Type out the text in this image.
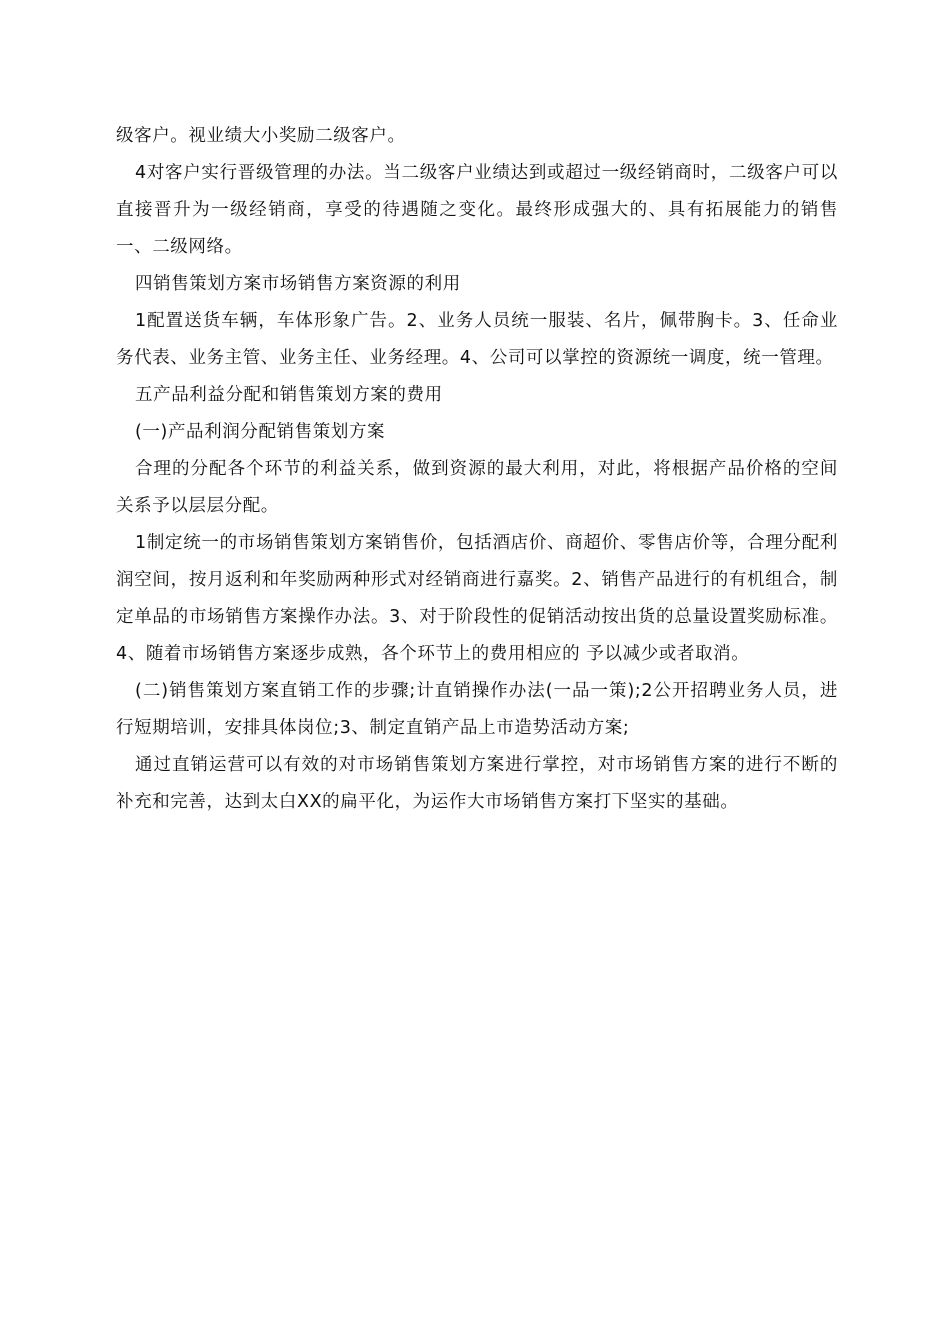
级客户。视业绩大小奖励二级客户。

4对客户实行晋级管理的办法。当二级客户业绩达到或超过一级经销商时，二级客户可以直接晋升为一级经销商，享受的待遇随之变化。最终形成强大的、具有拓展能力的销售一、二级网络。

四销售策划方案市场销售方案资源的利用

1配置送货车辆，车体形象广告。2、业务人员统一服装、名片，佩带胸卡。3、任命业务代表、业务主管、业务主任、业务经理。4、公司可以掌控的资源统一调度，统一管理。

五产品利益分配和销售策划方案的费用

(一)产品利润分配销售策划方案

合理的分配各个环节的利益关系，做到资源的最大利用，对此，将根据产品价格的空间关系予以层层分配。

1制定统一的市场销售策划方案销售价，包括酒店价、商超价、零售店价等，合理分配利润空间，按月返利和年奖励两种形式对经销商进行嘉奖。2、销售产品进行的有机组合，制定单品的市场销售方案操作办法。3、对于阶段性的促销活动按出货的总量设置奖励标准。4、随着市场销售方案逐步成熟，各个环节上的费用相应的 予以减少或者取消。

(二)销售策划方案直销工作的步骤;计直销操作办法(一品一策);2公开招聘业务人员，进行短期培训，安排具体岗位;3、制定直销产品上市造势活动方案;

通过直销运营可以有效的对市场销售策划方案进行掌控，对市场销售方案的进行不断的补充和完善，达到太白XX的扁平化，为运作大市场销售方案打下坚实的基础。
